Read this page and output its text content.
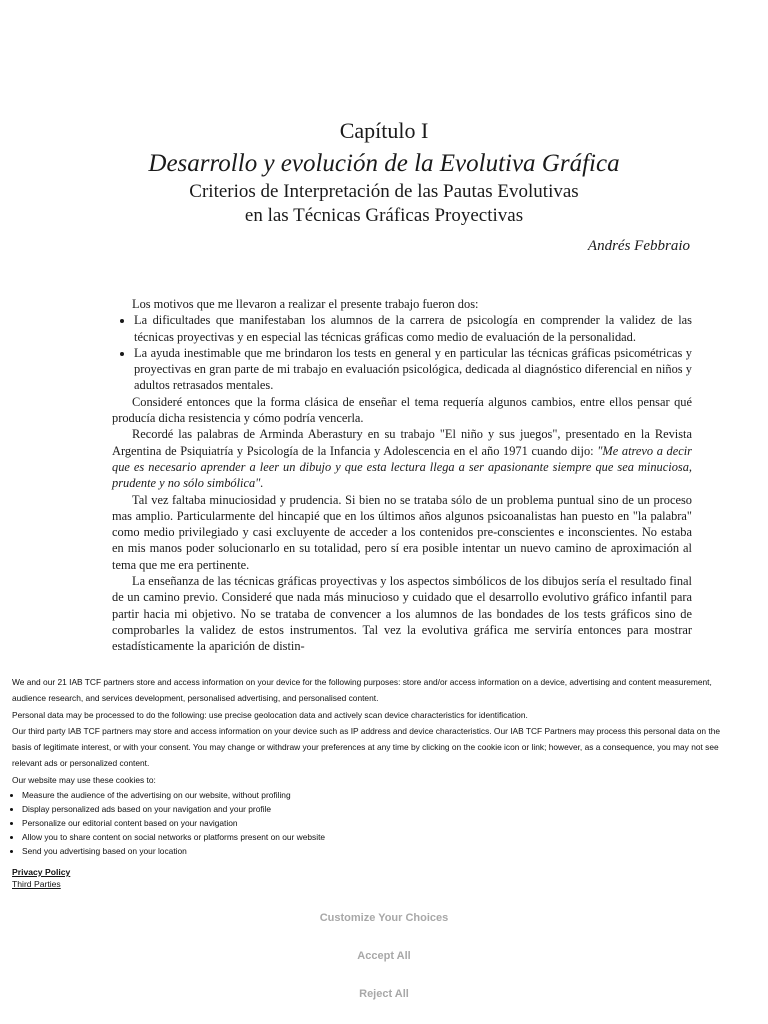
Capítulo I
Desarrollo y evolución de la Evolutiva Gráfica
Criterios de Interpretación de las Pautas Evolutivas
en las Técnicas Gráficas Proyectivas
Andrés Febbraio

Los motivos que me llevaron a realizar el presente trabajo fueron dos:

• La dificultades que manifestaban los alumnos de la carrera de psicología en comprender la validez de las técnicas proyectivas y en especial las técnicas gráficas como medio de evaluación de la personalidad.
• La ayuda inestimable que me brindaron los tests en general y en particular las técnicas gráficas psicométricas y proyectivas en gran parte de mi trabajo en evaluación psicológica, dedicada al diagnóstico diferencial en niños y adultos retrasados mentales.

Consideré entonces que la forma clásica de enseñar el tema requería algunos cambios, entre ellos pensar qué producía dicha resistencia y cómo podría vencerla.

Recordé las palabras de Arminda Aberastury en su trabajo "El niño y sus juegos", presentado en la Revista Argentina de Psiquiatría y Psicología de la Infancia y Adolescencia en el año 1971 cuando dijo: "Me atrevo a decir que es necesario aprender a leer un dibujo y que esta lectura llega a ser apasionante siempre que sea minuciosa, prudente y no sólo simbólica".

Tal vez faltaba minuciosidad y prudencia. Si bien no se trataba sólo de un problema puntual sino de un proceso mas amplio. Particularmente del hincapié que en los últimos años algunos psicoanalistas han puesto en "la palabra" como medio privilegiado y casi excluyente de acceder a los contenidos pre-conscientes e inconscientes. No estaba en mis manos poder solucionarlo en su totalidad, pero sí era posible intentar un nuevo camino de aproximación al tema que me era pertinente.

La enseñanza de las técnicas gráficas proyectivas y los aspectos simbólicos de los dibujos sería el resultado final de un camino previo. Consideré que nada más minucioso y cuidado que el desarrollo evolutivo gráfico infantil para partir hacia mi objetivo. No se trataba de convencer a los alumnos de las bondades de los tests gráficos sino de comprobarles la validez de estos instrumentos. Tal vez la evolutiva gráfica me serviría entonces para mostrar estadísticamente la aparición de distin-

We and our 21 IAB TCF partners store and access information on your device for the following purposes: store and/or access information on a device, advertising and content measurement, audience research, and services development, personalised advertising, and personalised content.

Personal data may be processed to do the following: use precise geolocation data and actively scan device characteristics for identification.

Our third party IAB TCF partners may store and access information on your device such as IP address and device characteristics. Our IAB TCF Partners may process this personal data on the basis of legitimate interest, or with your consent. You may change or withdraw your preferences at any time by clicking on the cookie icon or link; however, as a consequence, you may not see relevant ads or personalized content.

Our website may use these cookies to:

• Measure the audience of the advertising on our website, without profiling
• Display personalized ads based on your navigation and your profile
• Personalize our editorial content based on your navigation
• Allow you to share content on social networks or platforms present on our website
• Send you advertising based on your location
Privacy Policy
Third Parties
Customize Your Choices
Accept All
Reject All
